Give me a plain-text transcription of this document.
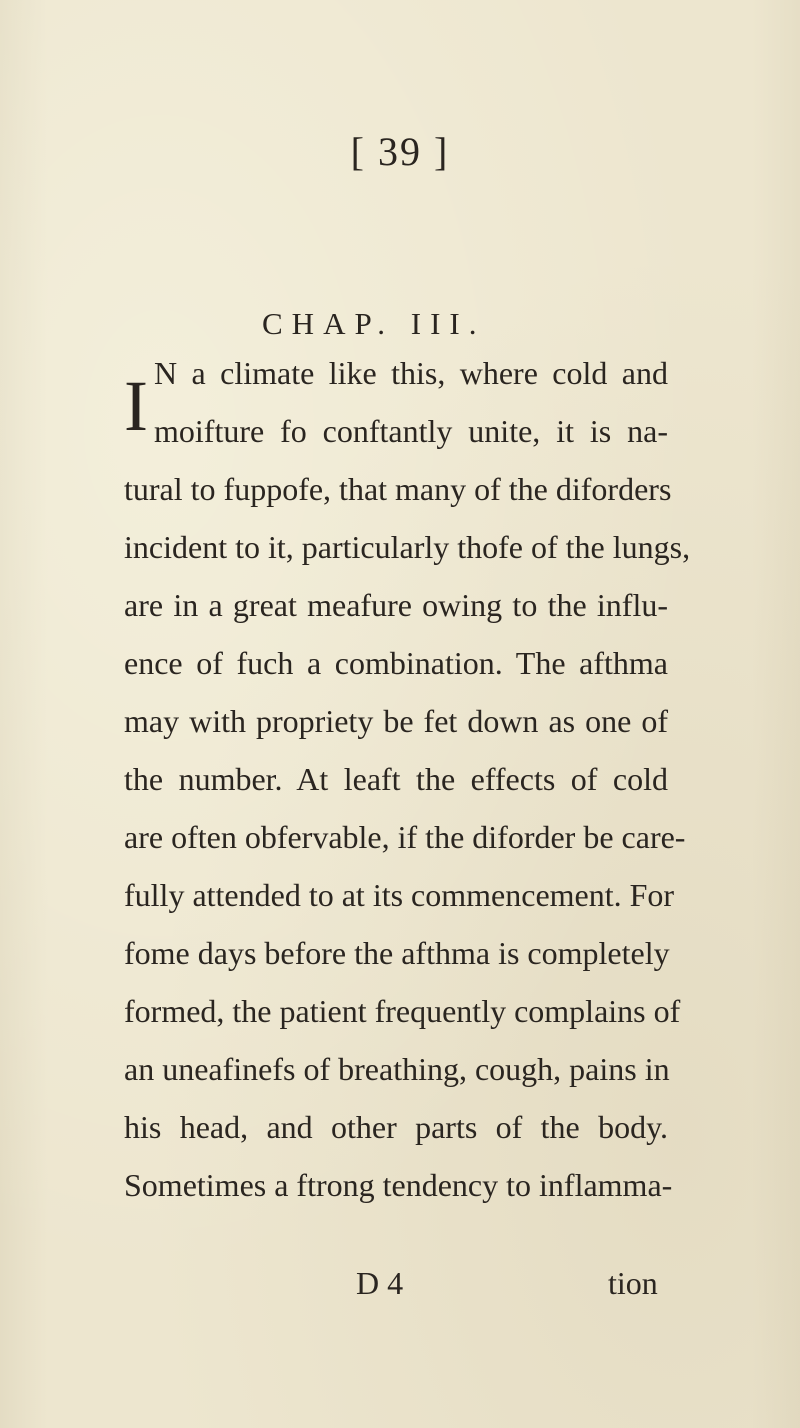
[ 39 ]
CHAP. III.
I N a climate like this, where cold and
moifture fo conftantly unite, it is na-
tural to fuppofe, that many of the diforders
incident to it, particularly thofe of the lungs,
are in a great meafure owing to the influ-
ence of fuch a combination. The afthma
may with propriety be fet down as one of
the number. At leaft the effects of cold
are often obfervable, if the diforder be care-
fully attended to at its commencement. For
fome days before the afthma is completely
formed, the patient frequently complains of
an uneafinefs of breathing, cough, pains in
his head, and other parts of the body.
Sometimes a ftrong tendency to inflamma-
D 4	tion
